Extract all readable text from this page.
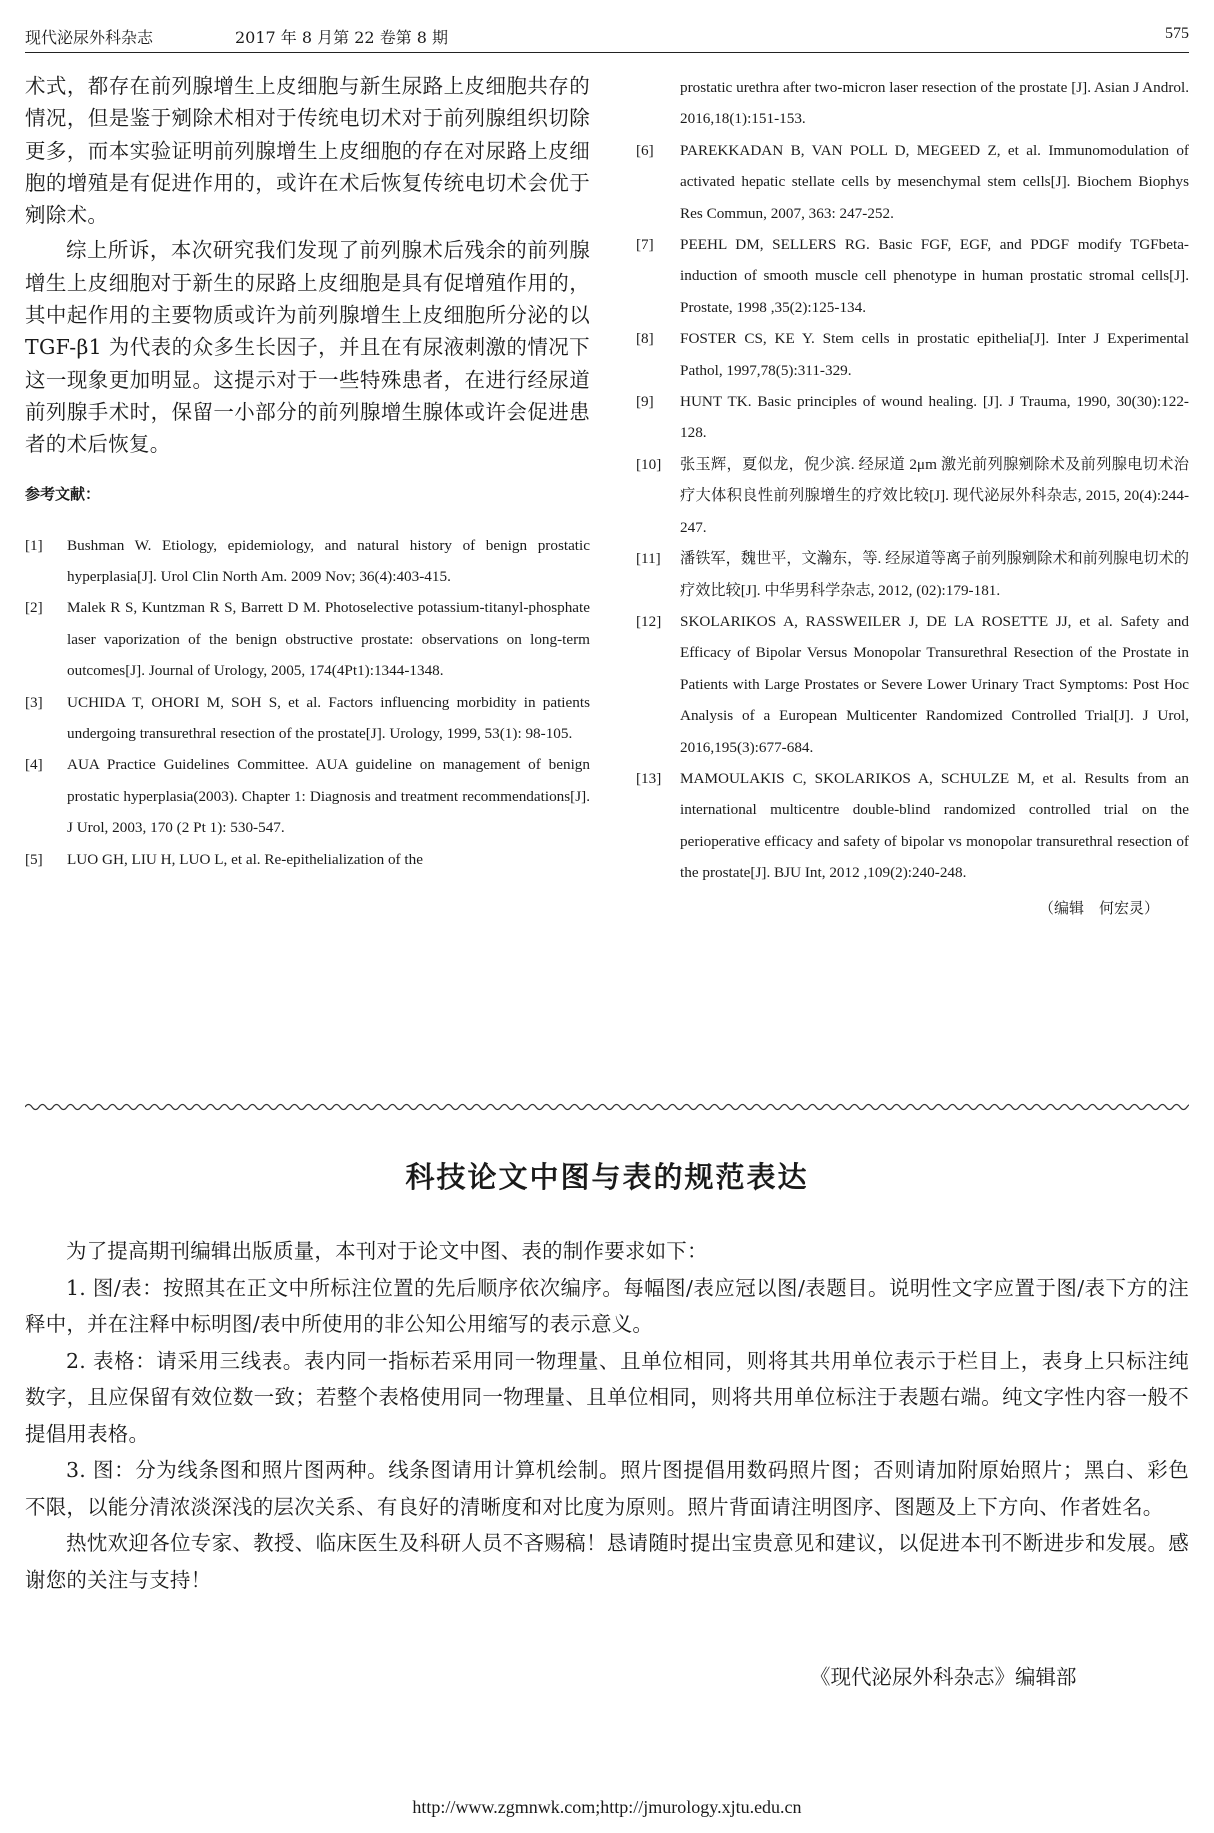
现代泌尿外科杂志	2017 年 8 月第 22 卷第 8 期	575

术式，都存在前列腺增生上皮细胞与新生尿路上皮细胞共存的情况，但是鉴于剜除术相对于传统电切术对于前列腺组织切除更多，而本实验证明前列腺增生上皮细胞的存在对尿路上皮细胞的增殖是有促进作用的，或许在术后恢复传统电切术会优于剜除术。

综上所诉，本次研究我们发现了前列腺术后残余的前列腺增生上皮细胞对于新生的尿路上皮细胞是具有促增殖作用的，其中起作用的主要物质或许为前列腺增生上皮细胞所分泌的以 TGF-β1 为代表的众多生长因子，并且在有尿液刺激的情况下这一现象更加明显。这提示对于一些特殊患者，在进行经尿道前列腺手术时，保留一小部分的前列腺增生腺体或许会促进患者的术后恢复。

参考文献：

[1] Bushman W. Etiology, epidemiology, and natural history of benign prostatic hyperplasia[J]. Urol Clin North Am. 2009 Nov; 36(4):403-415.

[2] Malek R S, Kuntzman R S, Barrett D M. Photoselective potassium-titanyl-phosphate laser vaporization of the benign obstructive prostate: observations on long-term outcomes[J]. Journal of Urology, 2005, 174(4Pt1):1344-1348.

[3] UCHIDA T, OHORI M, SOH S, et al. Factors influencing morbidity in patients undergoing transurethral resection of the prostate[J]. Urology, 1999, 53(1): 98-105.

[4] AUA Practice Guidelines Committee. AUA guideline on management of benign prostatic hyperplasia(2003). Chapter 1: Diagnosis and treatment recommendations[J]. J Urol, 2003, 170 (2 Pt 1): 530-547.

[5] LUO GH, LIU H, LUO L, et al. Re-epithelialization of the

prostatic urethra after two-micron laser resection of the prostate [J]. Asian J Androl. 2016,18(1):151-153.

[6] PAREKKADAN B, VAN POLL D, MEGEED Z, et al. Immunomodulation of activated hepatic stellate cells by mesenchymal stem cells[J]. Biochem Biophys Res Commun, 2007, 363: 247-252.

[7] PEEHL DM, SELLERS RG. Basic FGF, EGF, and PDGF modify TGFbeta-induction of smooth muscle cell phenotype in human prostatic stromal cells[J]. Prostate, 1998 ,35(2):125-134.

[8] FOSTER CS, KE Y. Stem cells in prostatic epithelia[J]. Inter J Experimental Pathol, 1997,78(5):311-329.

[9] HUNT TK. Basic principles of wound healing. [J]. J Trauma, 1990, 30(30):122-128.

[10] 张玉辉，夏似龙，倪少滨. 经尿道 2μm 激光前列腺剜除术及前列腺电切术治疗大体积良性前列腺增生的疗效比较[J]. 现代泌尿外科杂志, 2015, 20(4):244-247.

[11] 潘铁军，魏世平，文瀚东，等. 经尿道等离子前列腺剜除术和前列腺电切术的疗效比较[J]. 中华男科学杂志, 2012, (02):179-181.

[12] SKOLARIKOS A, RASSWEILER J, DE LA ROSETTE JJ, et al. Safety and Efficacy of Bipolar Versus Monopolar Transurethral Resection of the Prostate in Patients with Large Prostates or Severe Lower Urinary Tract Symptoms: Post Hoc Analysis of a European Multicenter Randomized Controlled Trial[J]. J Urol, 2016,195(3):677-684.

[13] MAMOULAKIS C, SKOLARIKOS A, SCHULZE M, et al. Results from an international multicentre double-blind randomized controlled trial on the perioperative efficacy and safety of bipolar vs monopolar transurethral resection of the prostate[J]. BJU Int, 2012 ,109(2):240-248.

（编辑　何宏灵）
科技论文中图与表的规范表达

为了提高期刊编辑出版质量，本刊对于论文中图、表的制作要求如下：

1. 图/表：按照其在正文中所标注位置的先后顺序依次编序。每幅图/表应冠以图/表题目。说明性文字应置于图/表下方的注释中，并在注释中标明图/表中所使用的非公知公用缩写的表示意义。

2. 表格：请采用三线表。表内同一指标若采用同一物理量、且单位相同，则将其共用单位表示于栏目上，表身上只标注纯数字，且应保留有效位数一致；若整个表格使用同一物理量、且单位相同，则将共用单位标注于表题右端。纯文字性内容一般不提倡用表格。

3. 图：分为线条图和照片图两种。线条图请用计算机绘制。照片图提倡用数码照片图；否则请加附原始照片；黑白、彩色不限，以能分清浓淡深浅的层次关系、有良好的清晰度和对比度为原则。照片背面请注明图序、图题及上下方向、作者姓名。

热忱欢迎各位专家、教授、临床医生及科研人员不吝赐稿！恳请随时提出宝贵意见和建议，以促进本刊不断进步和发展。感谢您的关注与支持！

《现代泌尿外科杂志》编辑部
http://www.zgmnwk.com;http://jmurology.xjtu.edu.cn
